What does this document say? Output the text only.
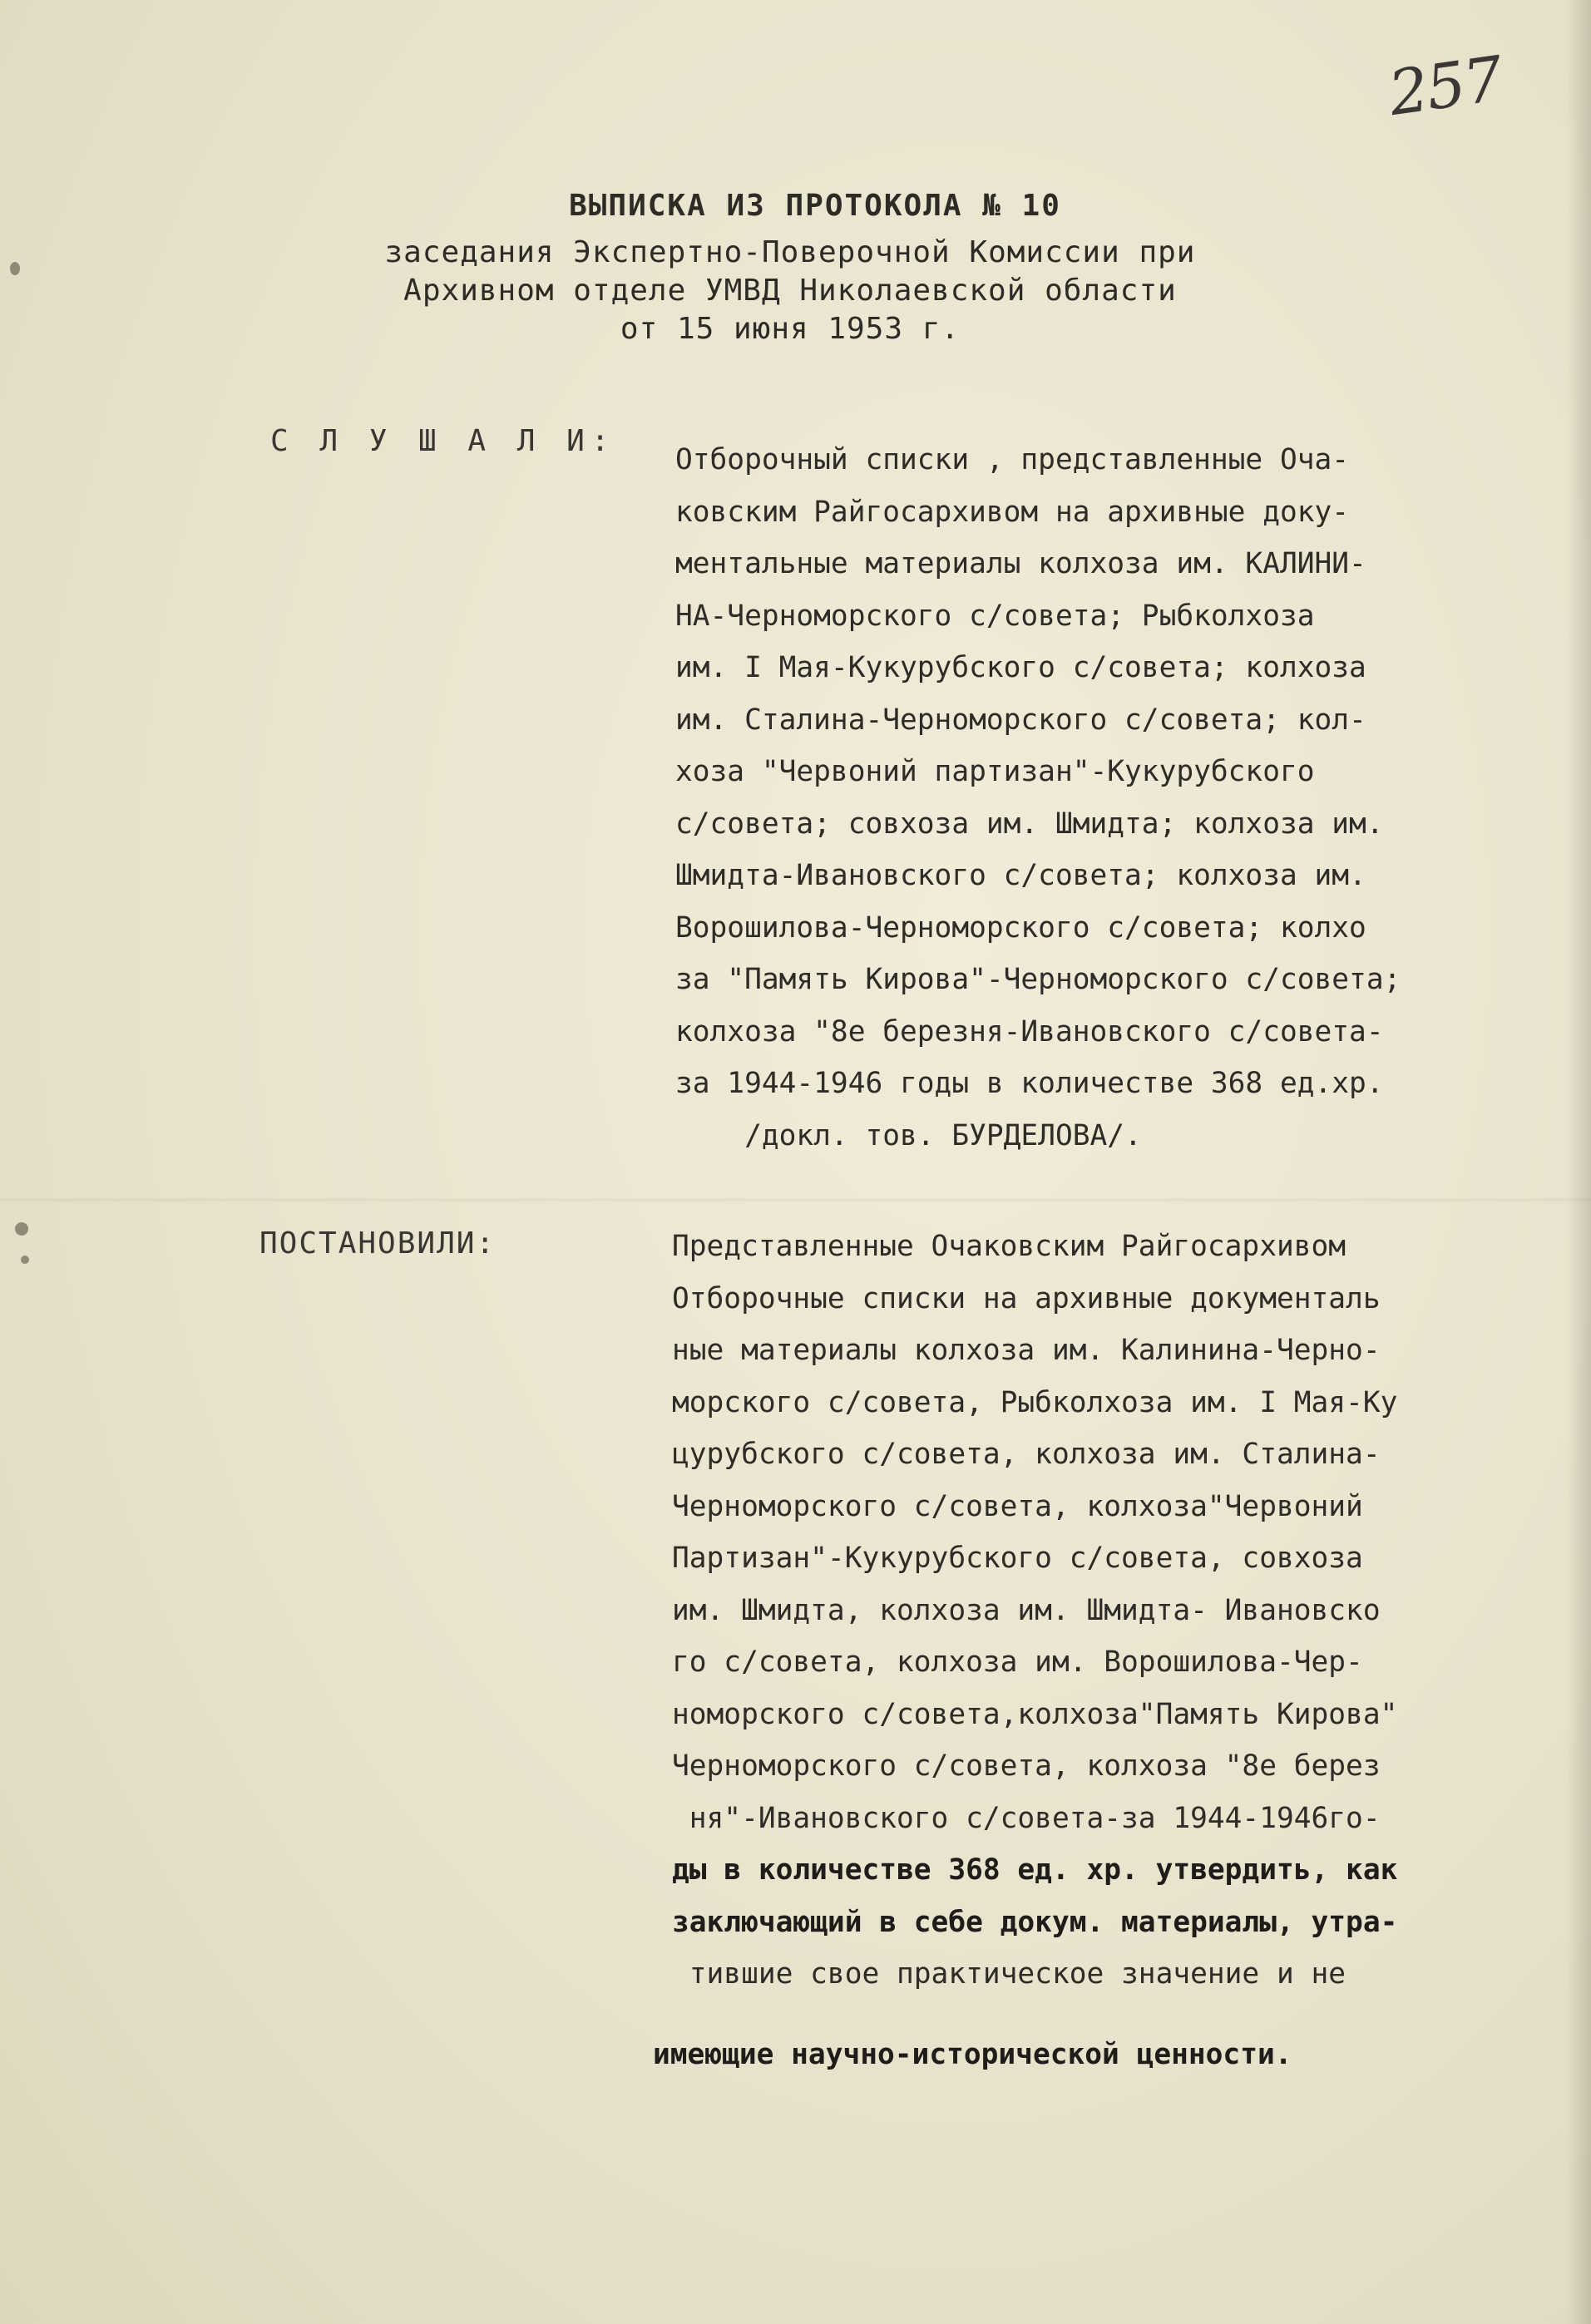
257
ВЫПИСКА ИЗ ПРОТОКОЛА № 10
заседания Экспертно-Поверочной Комиссии при
Архивном отделе УМВД Николаевской области
от 15 июня 1953 г.
С Л У Ш А Л И:
Отборочный списки , представленные Оча-
ковским Райгосархивом на архивные доку-
ментальные материалы колхоза им. КАЛИНИ-
НА-Черноморского с/совета; Рыбколхоза
им. I Мая-Кукурубского с/совета; колхоза
им. Сталина-Черноморского с/совета; кол-
хоза "Червоний партизан"-Кукурубского
с/совета; совхоза им. Шмидта; колхоза им.
Шмидта-Ивановского с/совета; колхоза им.
Ворошилова-Черноморского с/совета; колхо
за "Память Кирова"-Черноморского с/совета;
колхоза "8е березня-Ивановского с/совета-
за 1944-1946 годы в количестве 368 ед.хр.
/докл. тов. БУРДЕЛОВА/.
ПОСТАНОВИЛИ:	Представленные Очаковским Райгосархивом
Отборочные списки на архивные документаль
ные материалы колхоза им. Калинина-Черно-
морского с/совета, Рыбколхоза им. I Мая-Ку
цурубского с/совета, колхоза им. Сталина-
Черноморского с/совета, колхоза"Червоний
Партизан"-Кукурубского с/совета, совхоза
им. Шмидта, колхоза им. Шмидта- Ивановско
го с/совета, колхоза им. Ворошилова-Чер-
номорского с/совета,колхоза"Память Кирова"
Черноморского с/совета, колхоза "8е берез
ня"-Ивановского с/совета-за 1944-1946го-
ды в количестве 368 ед. хр. утвердить, как
заключающий в себе докум. материалы, утра-
тившие свое практическое значение и не
имеющие научно-исторической ценности.
